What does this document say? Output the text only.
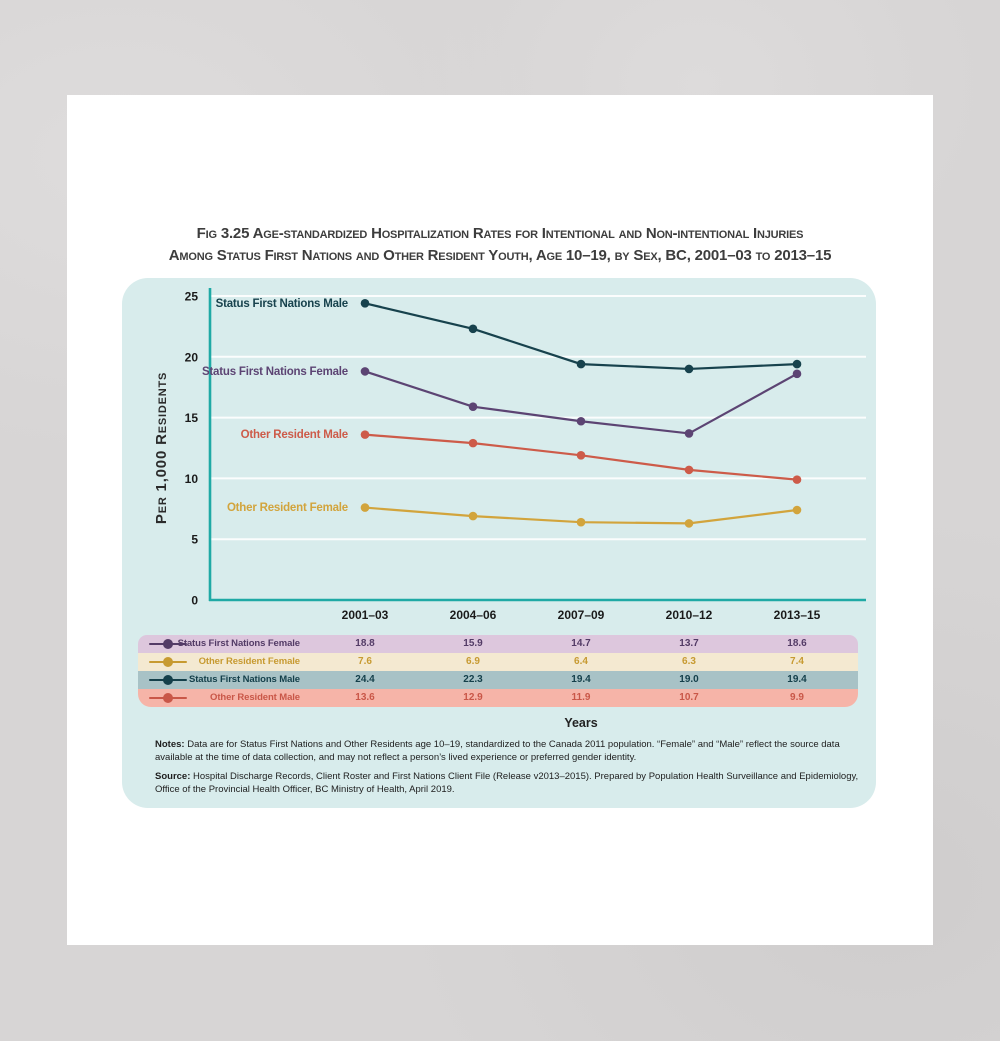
Fig 3.25 Age-standardized Hospitalization Rates for Intentional and Non-intentional Injuries
Among Status First Nations and Other Resident Youth, Age 10–19, by Sex, BC, 2001–03 to 2013–15
0
5
10
15
20
25
2001–03	2004–06	2007–09	2010–12	2013–15
Per 1,000 Residents
Status First Nations Male
Status First Nations Female
Other Resident Male
Other Resident Female
Status First Nations Female	18.8	15.9	14.7	13.7	18.6
Other Resident Female	7.6	6.9	6.4	6.3	7.4
Status First Nations Male	24.4	22.3	19.4	19.0	19.4
Other Resident Male	13.6	12.9	11.9	10.7	9.9
Years

Notes: Data are for Status First Nations and Other Residents age 10–19, standardized to the Canada 2011 population. “Female” and “Male” reflect the source data available at the time of data collection, and may not reflect a person’s lived experience or preferred gender identity.

Source: Hospital Discharge Records, Client Roster and First Nations Client File (Release v2013–2015). Prepared by Population Health Surveillance and Epidemiology, Office of the Provincial Health Officer, BC Ministry of Health, April 2019.
